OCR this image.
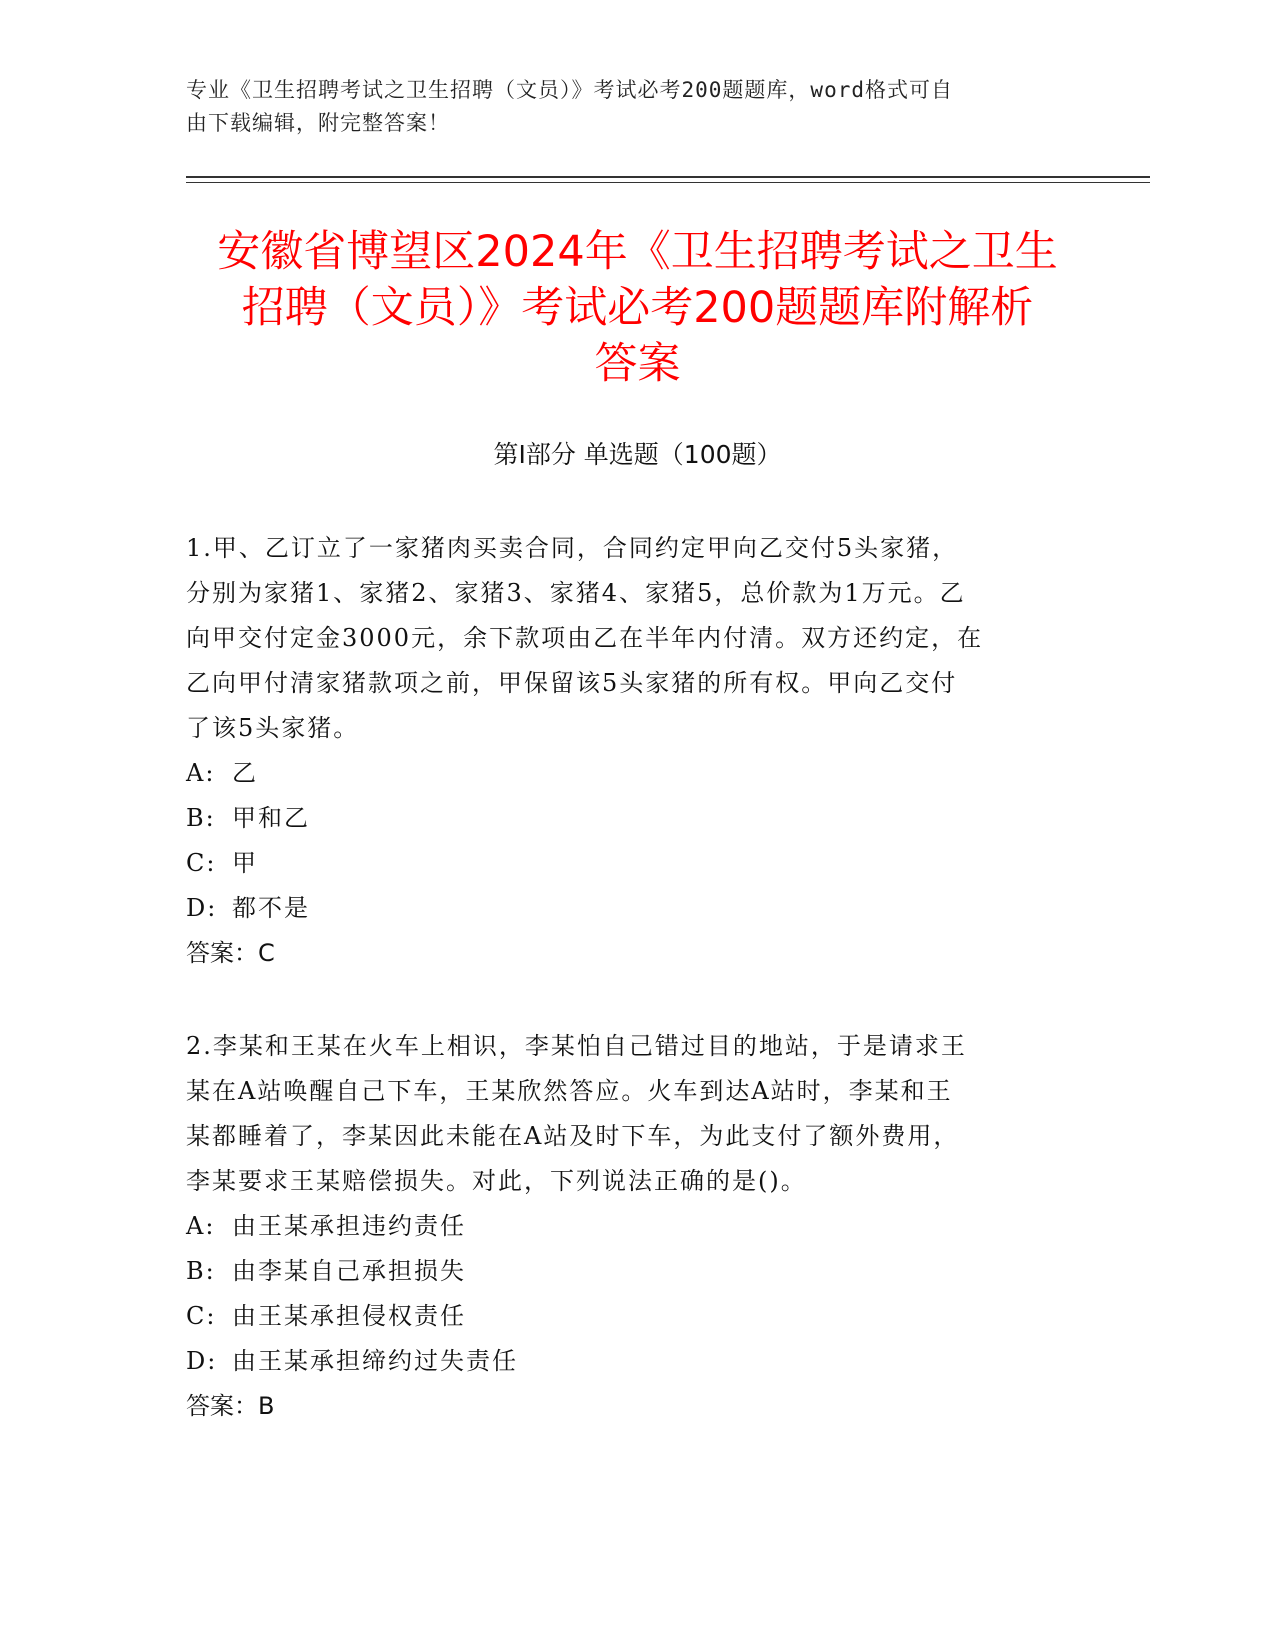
专业《卫生招聘考试之卫生招聘（文员）》考试必考200题题库，word格式可自
由下载编辑，附完整答案！
安徽省博望区2024年《卫生招聘考试之卫生
招聘（文员）》考试必考200题题库附解析
答案
第Ⅰ部分 单选题（100题）

1.甲、乙订立了一家猪肉买卖合同，合同约定甲向乙交付5头家猪，

分别为家猪1、家猪2、家猪3、家猪4、家猪5，总价款为1万元。乙

向甲交付定金3000元，余下款项由乙在半年内付清。双方还约定，在

乙向甲付清家猪款项之前，甲保留该5头家猪的所有权。甲向乙交付

了该5头家猪。

A: 乙

B: 甲和乙

C: 甲

D: 都不是

答案：C

2.李某和王某在火车上相识，李某怕自己错过目的地站，于是请求王

某在A站唤醒自己下车，王某欣然答应。火车到达A站时，李某和王

某都睡着了，李某因此未能在A站及时下车，为此支付了额外费用，

李某要求王某赔偿损失。对此，下列说法正确的是()。

A: 由王某承担违约责任

B: 由李某自己承担损失

C: 由王某承担侵权责任

D: 由王某承担缔约过失责任

答案：B
